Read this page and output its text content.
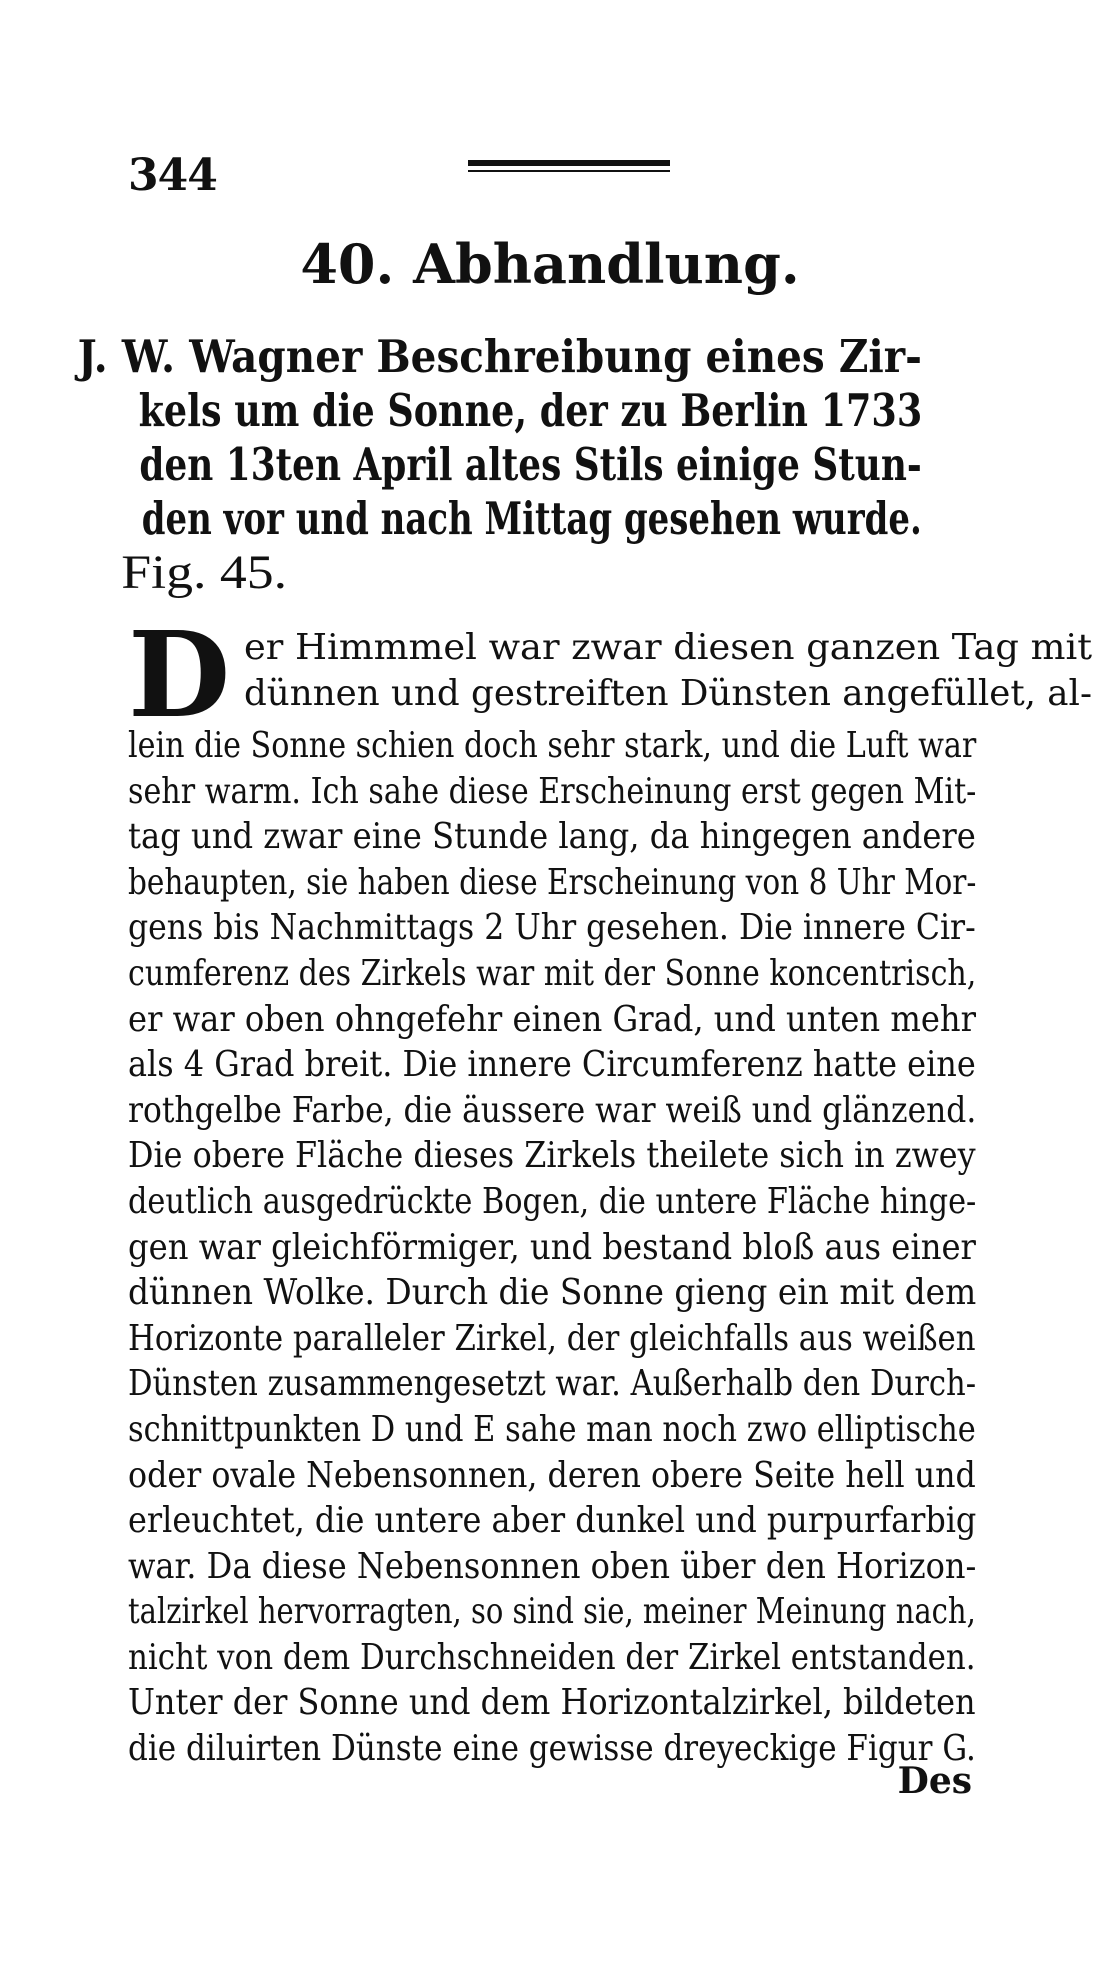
344
40. Abhandlung.
J. W. Wagner Beschreibung eines Zir-
kels um die Sonne, der zu Berlin 1733
den 13ten April altes Stils einige Stun-
den vor und nach Mittag gesehen wurde.
Fig. 45.
D er Himmmel war zwar diesen ganzen Tag mit
dünnen und gestreiften Dünsten angefüllet, al-
lein die Sonne schien doch sehr stark, und die Luft war
sehr warm. Ich sahe diese Erscheinung erst gegen Mit-
tag und zwar eine Stunde lang, da hingegen andere
behaupten, sie haben diese Erscheinung von 8 Uhr Mor-
gens bis Nachmittags 2 Uhr gesehen. Die innere Cir-
cumferenz des Zirkels war mit der Sonne koncentrisch,
er war oben ohngefehr einen Grad, und unten mehr
als 4 Grad breit. Die innere Circumferenz hatte eine
rothgelbe Farbe, die äussere war weiß und glänzend.
Die obere Fläche dieses Zirkels theilete sich in zwey
deutlich ausgedrückte Bogen, die untere Fläche hinge-
gen war gleichförmiger, und bestand bloß aus einer
dünnen Wolke. Durch die Sonne gieng ein mit dem
Horizonte paralleler Zirkel, der gleichfalls aus weißen
Dünsten zusammengesetzt war. Außerhalb den Durch-
schnittpunkten D und E sahe man noch zwo elliptische
oder ovale Nebensonnen, deren obere Seite hell und
erleuchtet, die untere aber dunkel und purpurfarbig
war. Da diese Nebensonnen oben über den Horizon-
talzirkel hervorragten, so sind sie, meiner Meinung nach,
nicht von dem Durchschneiden der Zirkel entstanden.
Unter der Sonne und dem Horizontalzirkel, bildeten
die diluirten Dünste eine gewisse dreyeckige Figur G.
Des
